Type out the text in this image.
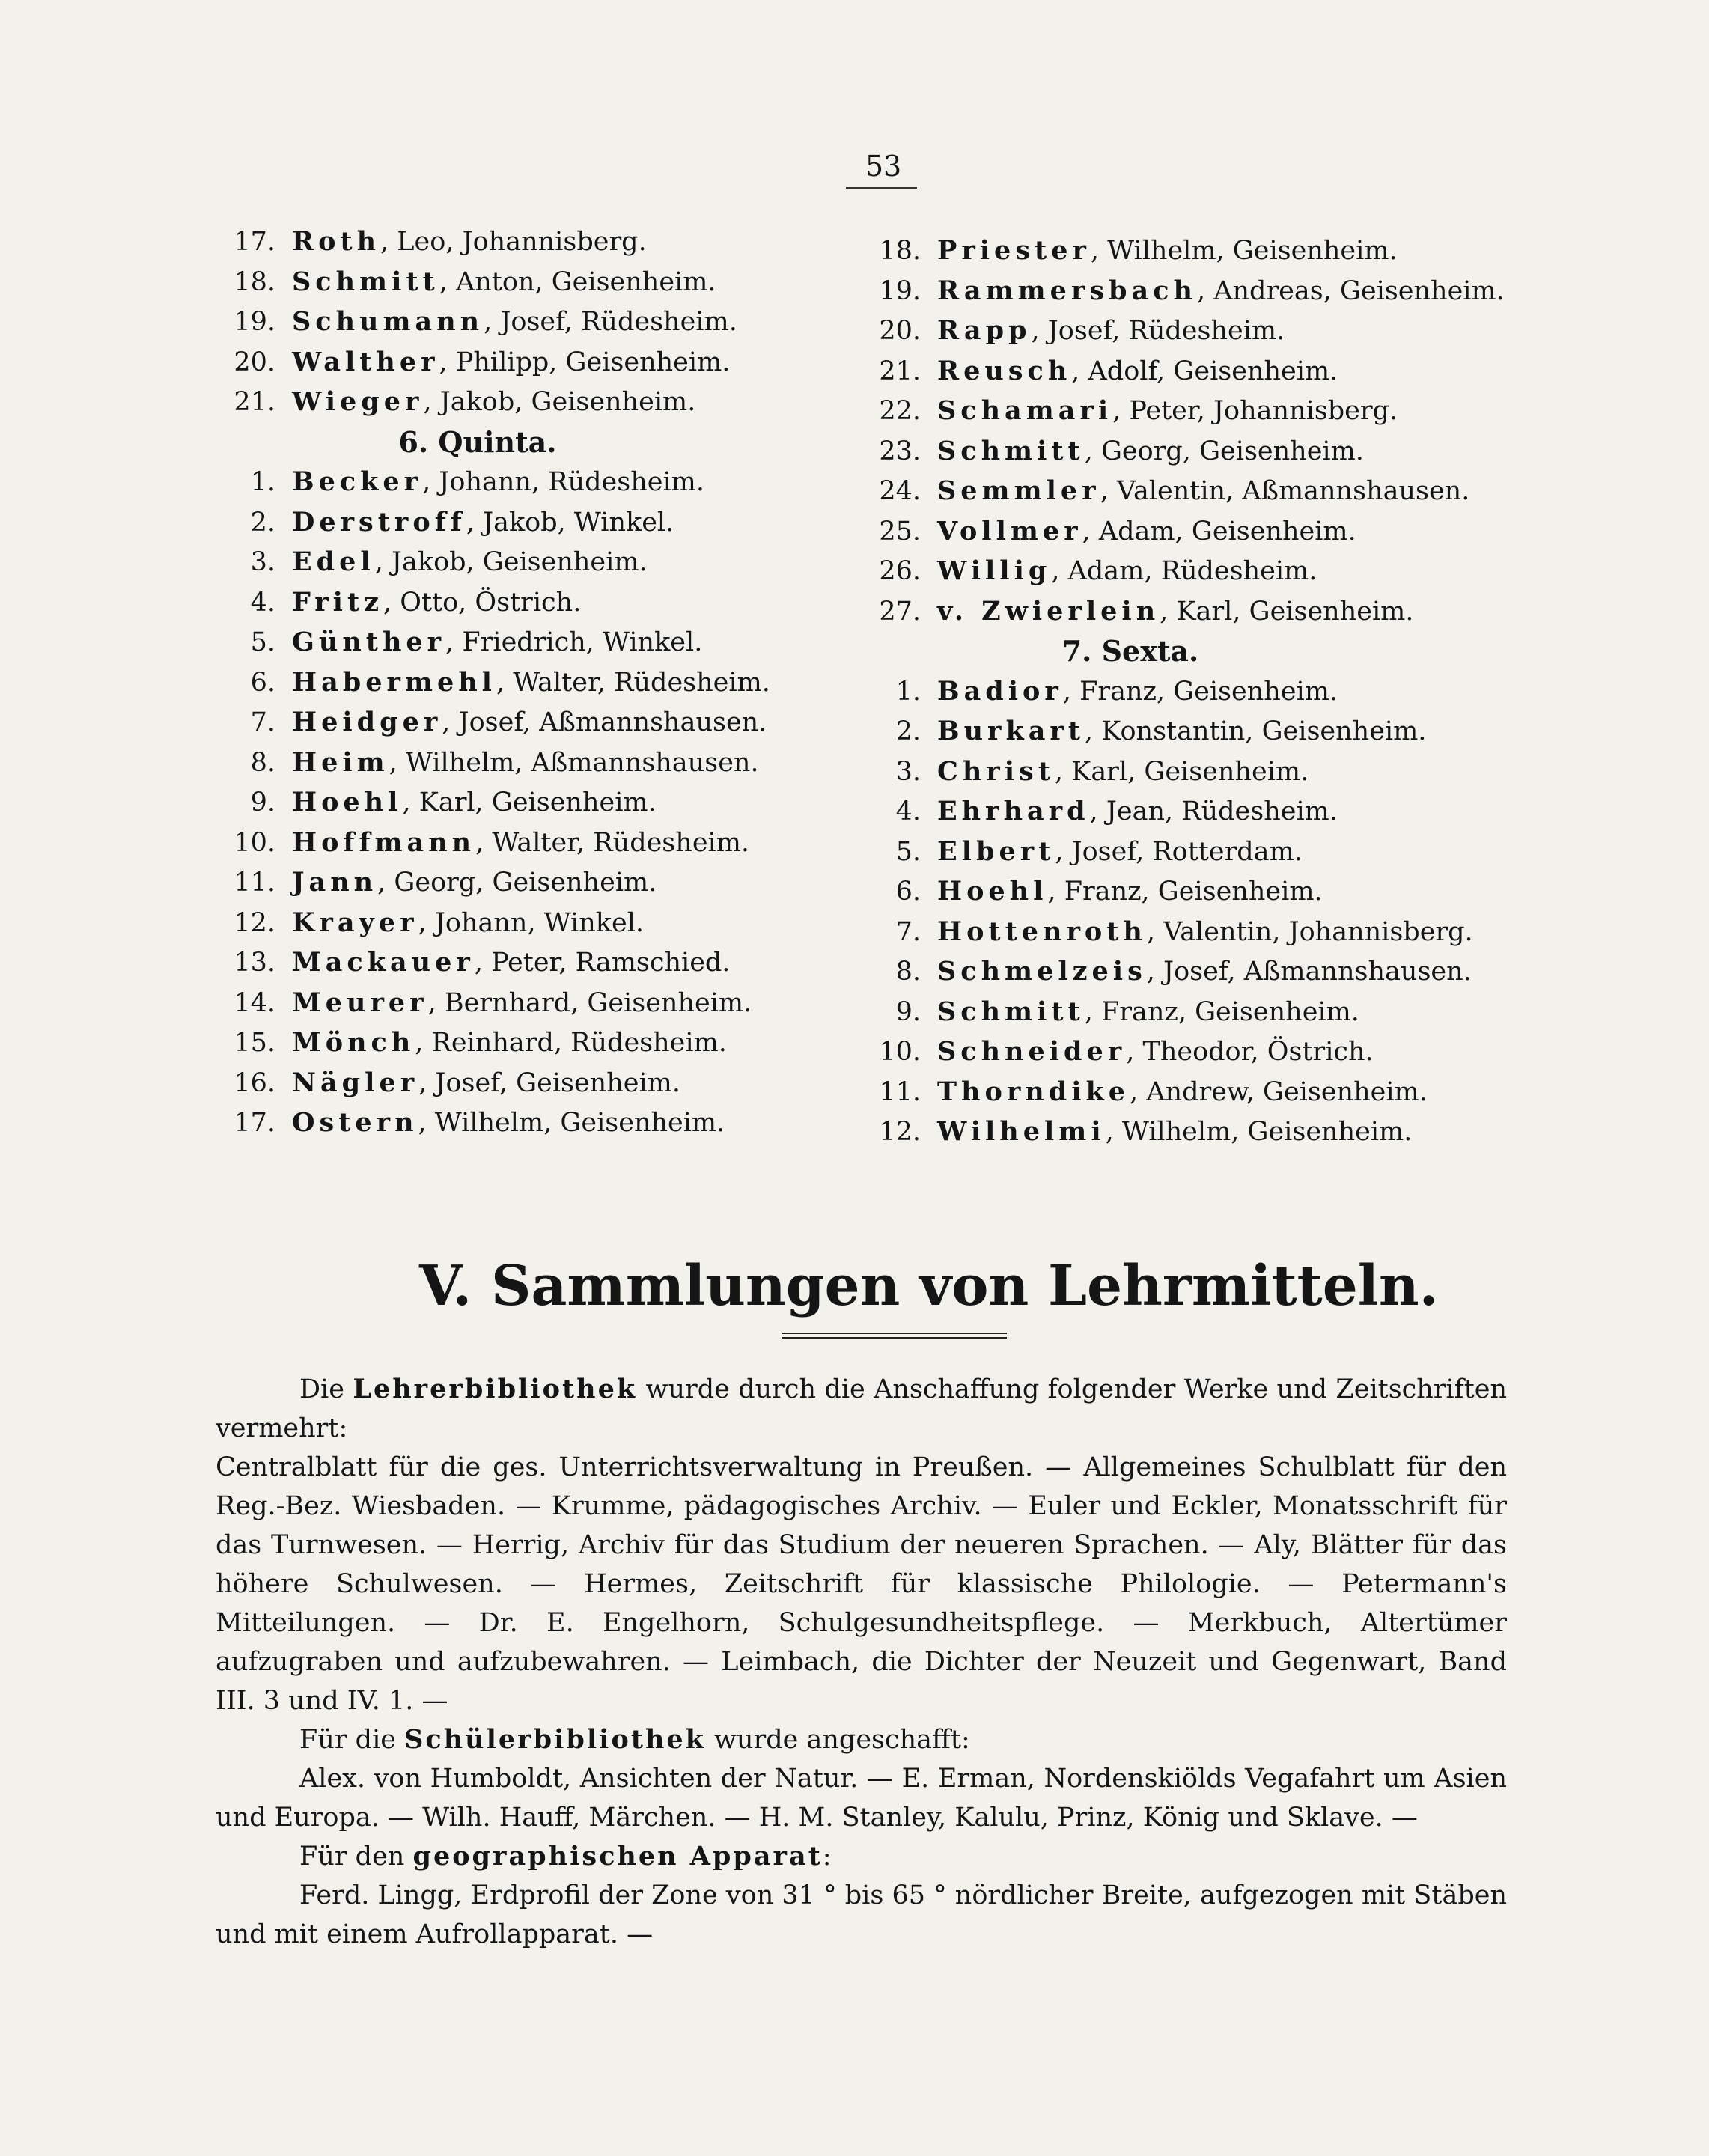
53
17. Roth, Leo, Johannisberg.
18. Schmitt, Anton, Geisenheim.
19. Schumann, Josef, Rüdesheim.
20. Walther, Philipp, Geisenheim.
21. Wieger, Jakob, Geisenheim.
6. Quinta.
1. Becker, Johann, Rüdesheim.
2. Derstroff, Jakob, Winkel.
3. Edel, Jakob, Geisenheim.
4. Fritz, Otto, Östrich.
5. Günther, Friedrich, Winkel.
6. Habermehl, Walter, Rüdesheim.
7. Heidger, Josef, Aßmannshausen.
8. Heim, Wilhelm, Aßmannshausen.
9. Hoehl, Karl, Geisenheim.
10. Hoffmann, Walter, Rüdesheim.
11. Jann, Georg, Geisenheim.
12. Krayer, Johann, Winkel.
13. Mackauer, Peter, Ramschied.
14. Meurer, Bernhard, Geisenheim.
15. Mönch, Reinhard, Rüdesheim.
16. Nägler, Josef, Geisenheim.
17. Ostern, Wilhelm, Geisenheim.
18. Priester, Wilhelm, Geisenheim.
19. Rammersbach, Andreas, Geisenheim.
20. Rapp, Josef, Rüdesheim.
21. Reusch, Adolf, Geisenheim.
22. Schamari, Peter, Johannisberg.
23. Schmitt, Georg, Geisenheim.
24. Semmler, Valentin, Aßmannshausen.
25. Vollmer, Adam, Geisenheim.
26. Willig, Adam, Rüdesheim.
27. v. Zwierlein, Karl, Geisenheim.
7. Sexta.
1. Badior, Franz, Geisenheim.
2. Burkart, Konstantin, Geisenheim.
3. Christ, Karl, Geisenheim.
4. Ehrhard, Jean, Rüdesheim.
5. Elbert, Josef, Rotterdam.
6. Hoehl, Franz, Geisenheim.
7. Hottenroth, Valentin, Johannisberg.
8. Schmelzeis, Josef, Aßmannshausen.
9. Schmitt, Franz, Geisenheim.
10. Schneider, Theodor, Östrich.
11. Thorndike, Andrew, Geisenheim.
12. Wilhelmi, Wilhelm, Geisenheim.
V. Sammlungen von Lehrmitteln.

Die Lehrerbibliothek wurde durch die Anschaffung folgender Werke und Zeitschriften vermehrt:

Centralblatt für die ges. Unterrichtsverwaltung in Preußen. — Allgemeines Schulblatt für den Reg.-Bez. Wiesbaden. — Krumme, pädagogisches Archiv. — Euler und Eckler, Monatsschrift für das Turnwesen. — Herrig, Archiv für das Studium der neueren Sprachen. — Aly, Blätter für das höhere Schulwesen. — Hermes, Zeitschrift für klassische Philologie. — Petermann's Mitteilungen. — Dr. E. Engelhorn, Schulgesundheitspflege. — Merkbuch, Altertümer aufzugraben und aufzubewahren. — Leimbach, die Dichter der Neuzeit und Gegenwart, Band III. 3 und IV. 1. —

Für die Schülerbibliothek wurde angeschafft:

Alex. von Humboldt, Ansichten der Natur. — E. Erman, Nordenskiölds Vegafahrt um Asien und Europa. — Wilh. Hauff, Märchen. — H. M. Stanley, Kalulu, Prinz, König und Sklave. —

Für den geographischen Apparat:

Ferd. Lingg, Erdprofil der Zone von 31 ° bis 65 ° nördlicher Breite, aufgezogen mit Stäben und mit einem Aufrollapparat. —
